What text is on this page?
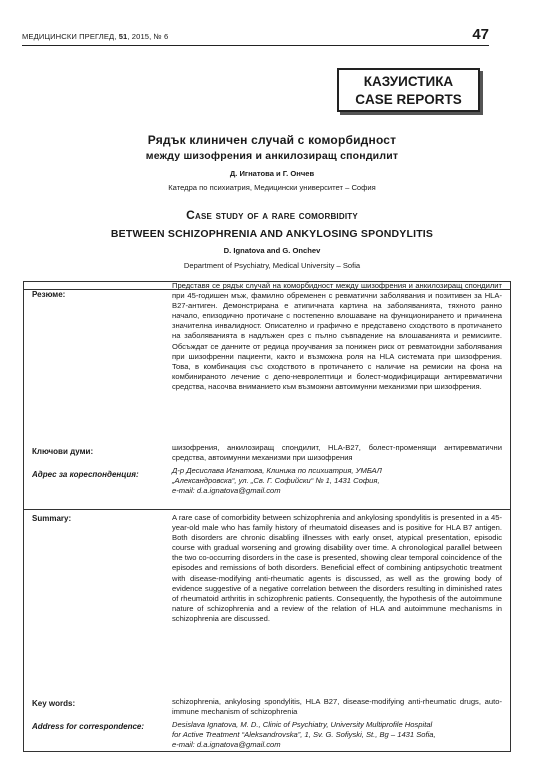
МЕДИЦИНСКИ ПРЕГЛЕД, 51, 2015, № 6	47
КАЗУИСТИКА
CASE REPORTS
Рядък клиничен случай с коморбидност
между шизофрения и анкилозиращ спондилит
Д. Игнатова и Г. Ончев
Катедра по психиатрия, Медицински университет – София
Case study of a rare comorbidity
BETWEEN SCHIZOPHRENIA AND ANKYLOSING SPONDYLITIS
D. Ignatova and G. Onchev
Department of Psychiatry, Medical University – Sofia
Резюме:
Представя се рядък случай на коморбидност между шизофрения и анкилозиращ спондилит при 45-годишен мъж, фамилно обременен с ревматични заболявания и позитивен за HLA-B27-антиген. Демонстрирана е атипичната картина на заболяванията, тяхното ранно начало, епизодично протичане с постепенно влошаване на функционирането и причинена значителна инвалидност. Описателно и графично е представено сходството в протичането на заболяванията в надлъжен срез с пълно съвпадение на влошаванията и ремисиите. Обсъждат се данните от редица проучвания за понижен риск от ревматоидни заболявания при шизофренни пациенти, както и възможна роля на HLA системата при шизофрения. Това, в комбинация със сходството в протичането с наличие на ремисии на фона на комбинираното лечение с депо-невролептици и болест-модифициращи антиревматични средства, насочва вниманието към възможни автоимунни механизми при шизофрения.
Ключови думи:	шизофрения, анкилозиращ спондилит, HLA-B27, болест-променящи антиревматични средства, автоимунни механизми при шизофрения
Адрес за кореспонденция:	Д-р Десислава Игнатова, Клиника по психиатрия, УМБАЛ

„Александровска“, ул. „Св. Г. Софийски“ № 1, 1431 София,

e-mail: d.a.ignatova@gmail.com

Summary:	A rare case of comorbidity between schizophrenia and ankylosing spondylitis is presented in a 45-year-old male who has family history of rheumatoid diseases and is positive for HLA B7 antigen. Both disorders are chronic disabling illnesses with early onset, atypical presentation, episodic course with gradual worsening and growing disability over time. A chronological parallel between the two co-occurring disorders in the case is presented, showing clear temporal coincidence of the episodes and remissions of both disorders. Beneficial effect of combining antipsychotic treatment with disease-modifying anti-rheumatic agents is discussed, as well as the growing body of evidence suggestive of a negative correlation between the disorders resulting in diminished rates of rheumatoid arthritis in schizophrenic patients. Consequently, the hypothesis of the autoimmune nature of schizophrenia and a review of the relation of HLA and autoimmune mechanisms in schizophrenia are discussed.
Key words:	schizophrenia, ankylosing spondylitis, HLA B27, disease-modifying anti-rheumatic drugs, auto-immune mechanism of schizophrenia
Address for correspondence:	Desislava Ignatova, M. D., Clinic of Psychiatry, University Multiprofile Hospital

for Active Treatment “Aleksandrovska”, 1, Sv. G. Sofiyski, St., Bg – 1431 Sofia,

e-mail: d.a.ignatova@gmail.com
